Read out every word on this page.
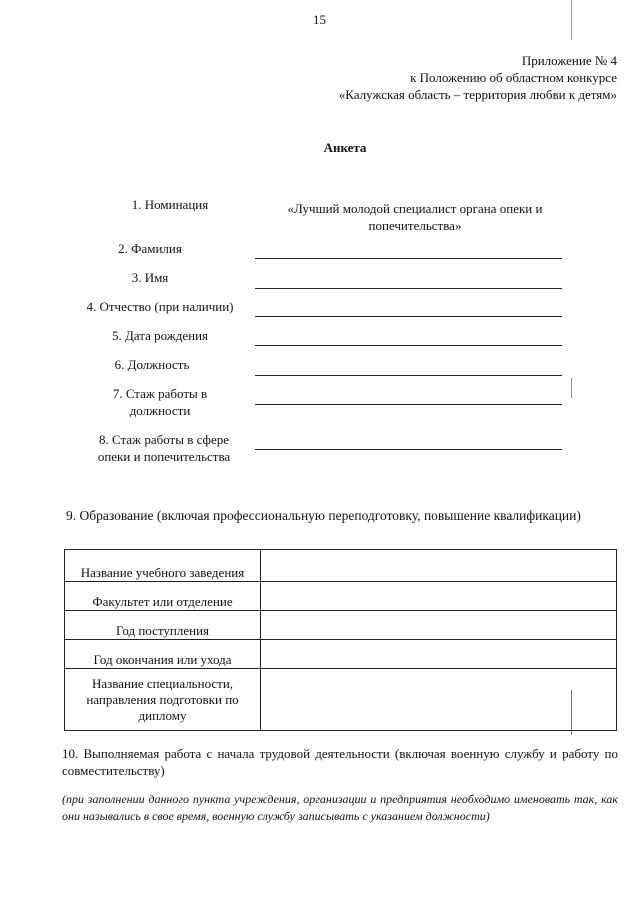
15
Приложение № 4
к Положению об областном конкурсе
«Калужская область – территория любви к детям»
Анкета
1. Номинация	«Лучший молодой специалист органа опеки и попечительства»
2. Фамилия
3. Имя
4. Отчество (при наличии)
5. Дата рождения
6. Должность
7. Стаж работы в
должности
8. Стаж работы в сфере
опеки и попечительства
9. Образование (включая профессиональную переподготовку, повышение квалификации)
Название учебного заведения	
Факультет или отделение	
Год поступления	
Год окончания или ухода	
Название специальности, направления подготовки по диплому	
10. Выполняемая работа с начала трудовой деятельности (включая военную службу и работу по совместительству)
(при заполнении данного пункта учреждения, организации и предприятия необходимо именовать так, как они назывались в свое время, военную службу записывать с указанием должности)
